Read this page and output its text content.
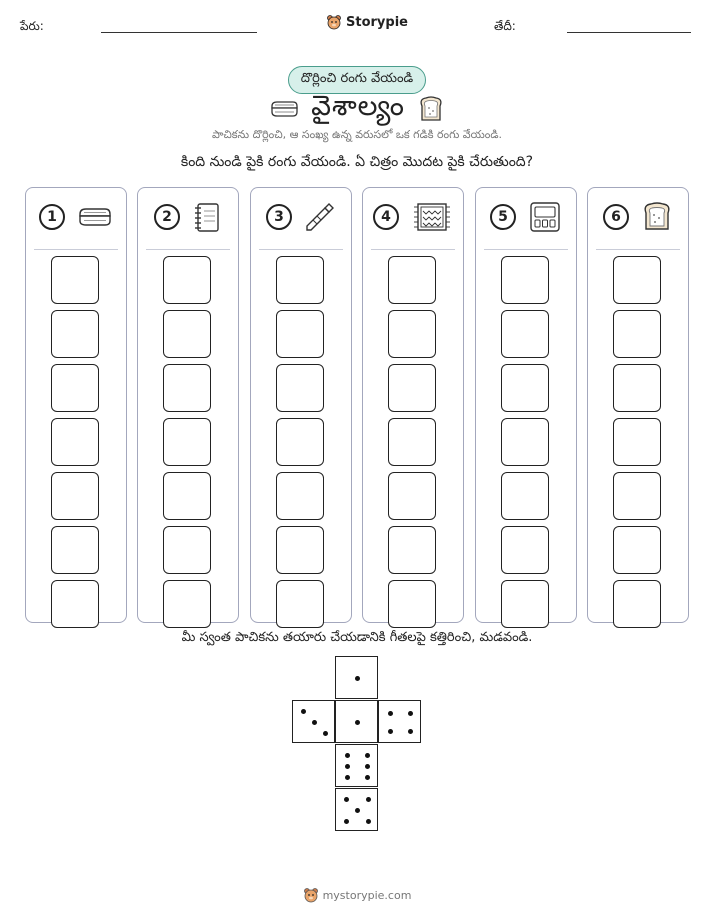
పేరు:	Storypie	తేదీ:
దొర్లించి రంగు వేయండి
వైశాల్యం
పాచికను దొర్లించి, ఆ సంఖ్య ఉన్న వరుసలో ఒక గడికి రంగు వేయండి.
కింది నుండి పైకి రంగు వేయండి. ఏ చిత్రం మొదట పైకి చేరుతుంది?
1	2	3	4	5	6
మీ స్వంత పాచికను తయారు చేయడానికి గీతలపై కత్తిరించి, మడవండి.
mystorypie.com
